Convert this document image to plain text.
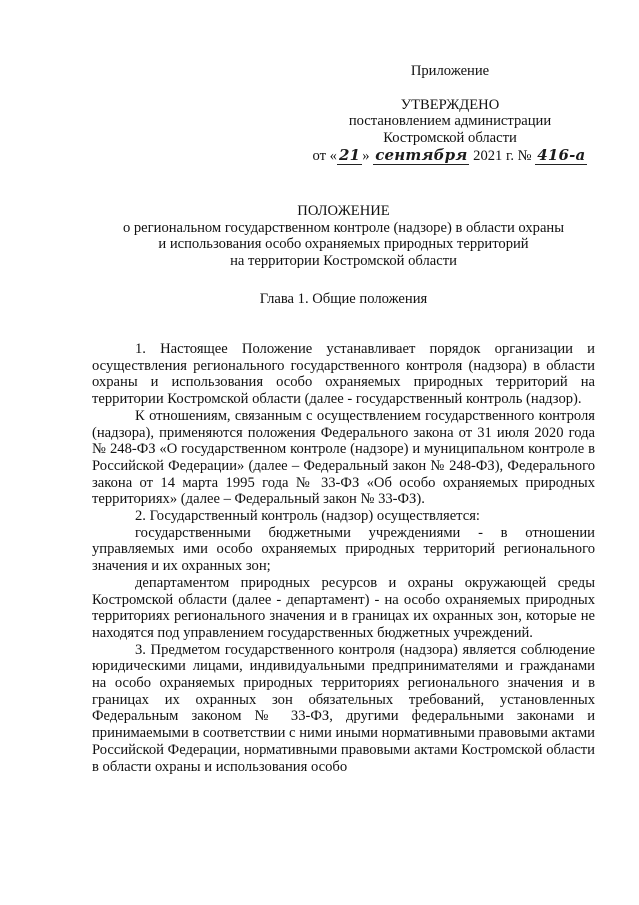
Приложение
УТВЕРЖДЕНО
постановлением администрации
Костромской области
от « 21 » сентября 2021 г. № 416-а
ПОЛОЖЕНИЕ
о региональном государственном контроле (надзоре) в области охраны
и использования особо охраняемых природных территорий
на территории Костромской области
Глава 1. Общие положения

1. Настоящее Положение устанавливает порядок организации и осуществления регионального государственного контроля (надзора) в области охраны и использования особо охраняемых природных территорий на территории Костромской области (далее - государственный контроль (надзор).

К отношениям, связанным с осуществлением государственного контроля (надзора), применяются положения Федерального закона от 31 июля 2020 года № 248-ФЗ «О государственном контроле (надзоре) и муниципальном контроле в Российской Федерации» (далее – Федеральный закон № 248-ФЗ), Федерального закона от 14 марта 1995 года № 33-ФЗ «Об особо охраняемых природных территориях» (далее – Федеральный закон № 33-ФЗ).

2. Государственный контроль (надзор) осуществляется:

государственными бюджетными учреждениями - в отношении управляемых ими особо охраняемых природных территорий регионального значения и их охранных зон;

департаментом природных ресурсов и охраны окружающей среды Костромской области (далее - департамент) - на особо охраняемых природных территориях регионального значения и в границах их охранных зон, которые не находятся под управлением государственных бюджетных учреждений.

3. Предметом государственного контроля (надзора) является соблюдение юридическими лицами, индивидуальными предпринимателями и гражданами на особо охраняемых природных территориях регионального значения и в границах их охранных зон обязательных требований, установленных Федеральным законом № 33-ФЗ, другими федеральными законами и принимаемыми в соответствии с ними иными нормативными правовыми актами Российской Федерации, нормативными правовыми актами Костромской области в области охраны и использования особо
